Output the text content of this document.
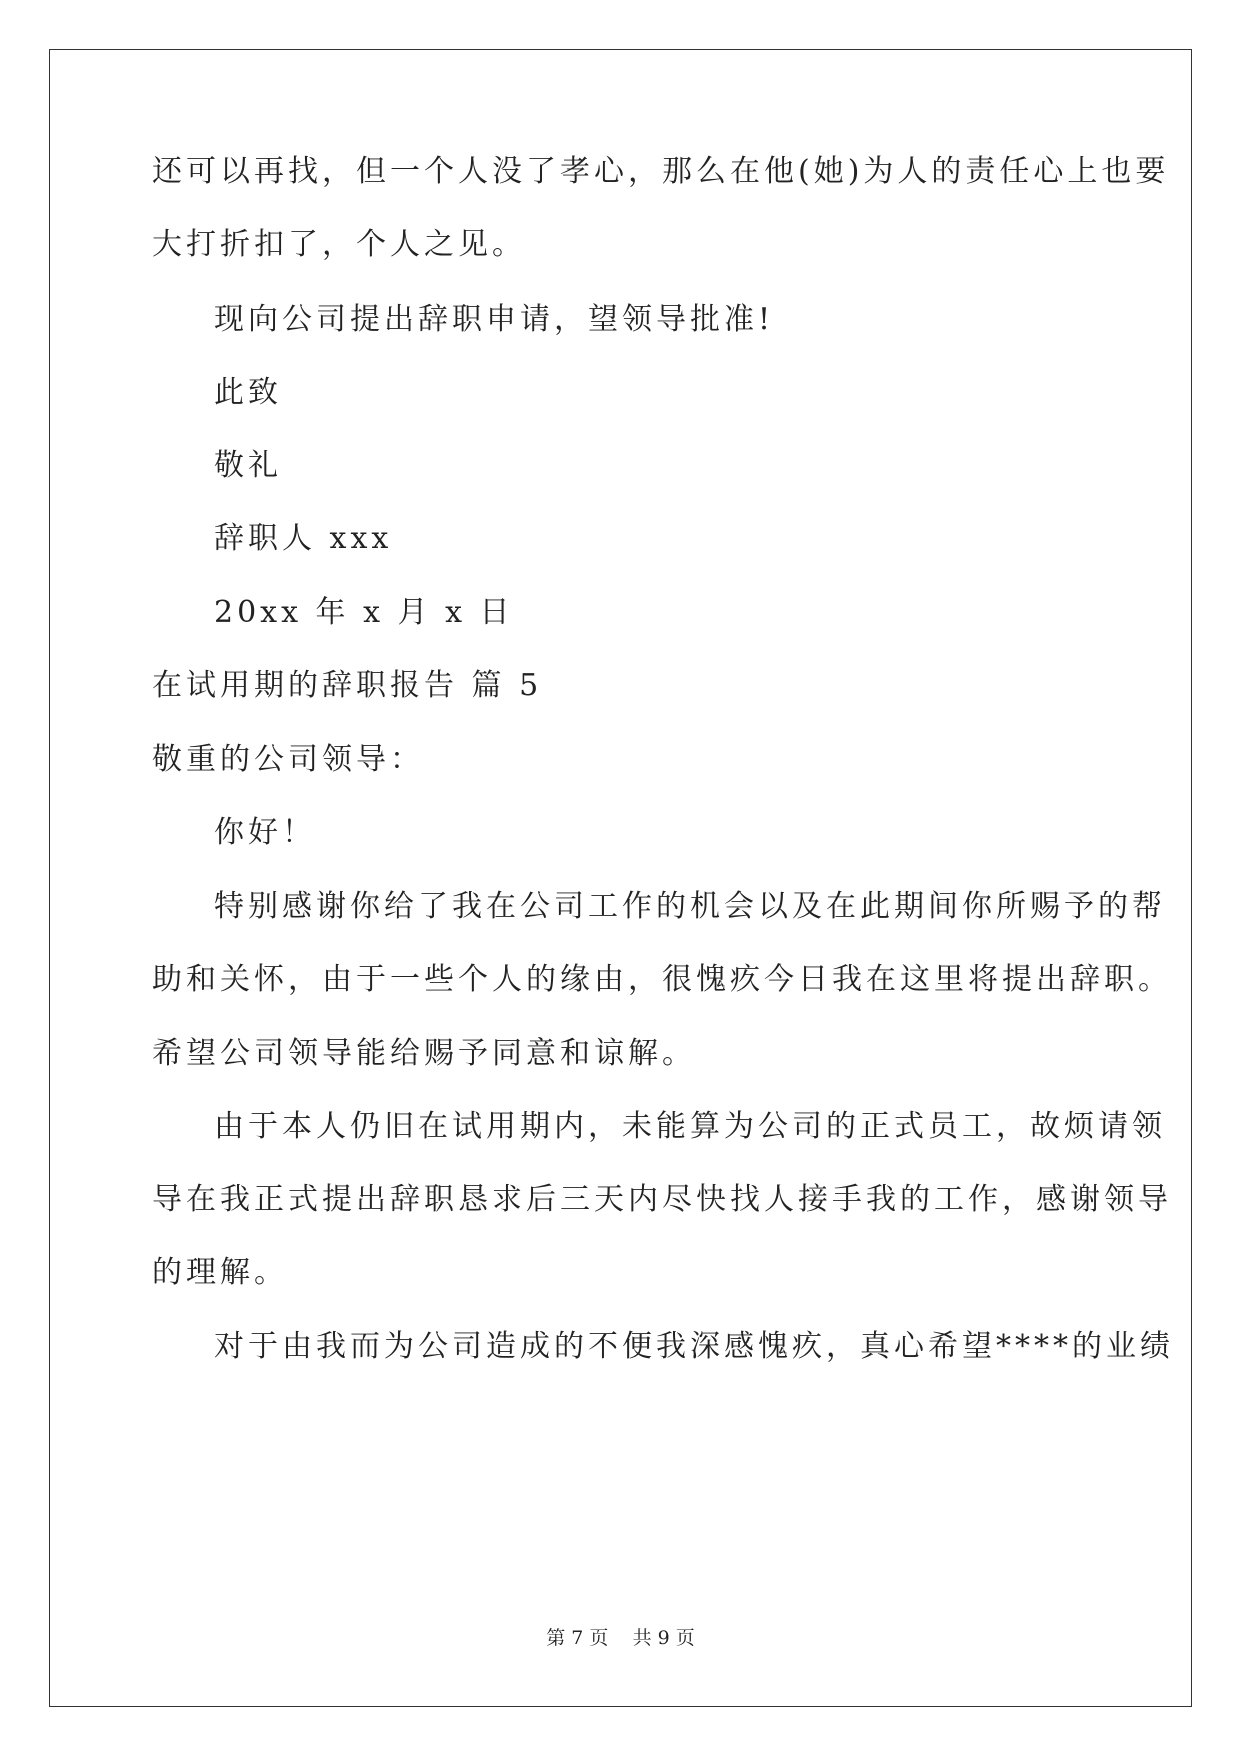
还可以再找，但一个人没了孝心，那么在他(她)为人的责任心上也要
大打折扣了，个人之见。
现向公司提出辞职申请，望领导批准!
此致
敬礼
辞职人 xxx
20xx 年 x 月 x 日
在试用期的辞职报告 篇 5
敬重的公司领导：
你好！
特别感谢你给了我在公司工作的机会以及在此期间你所赐予的帮
助和关怀，由于一些个人的缘由，很愧疚今日我在这里将提出辞职。
希望公司领导能给赐予同意和谅解。
由于本人仍旧在试用期内，未能算为公司的正式员工，故烦请领
导在我正式提出辞职恳求后三天内尽快找人接手我的工作，感谢领导
的理解。
对于由我而为公司造成的不便我深感愧疚，真心希望****的业绩
第 7 页    共 9 页
